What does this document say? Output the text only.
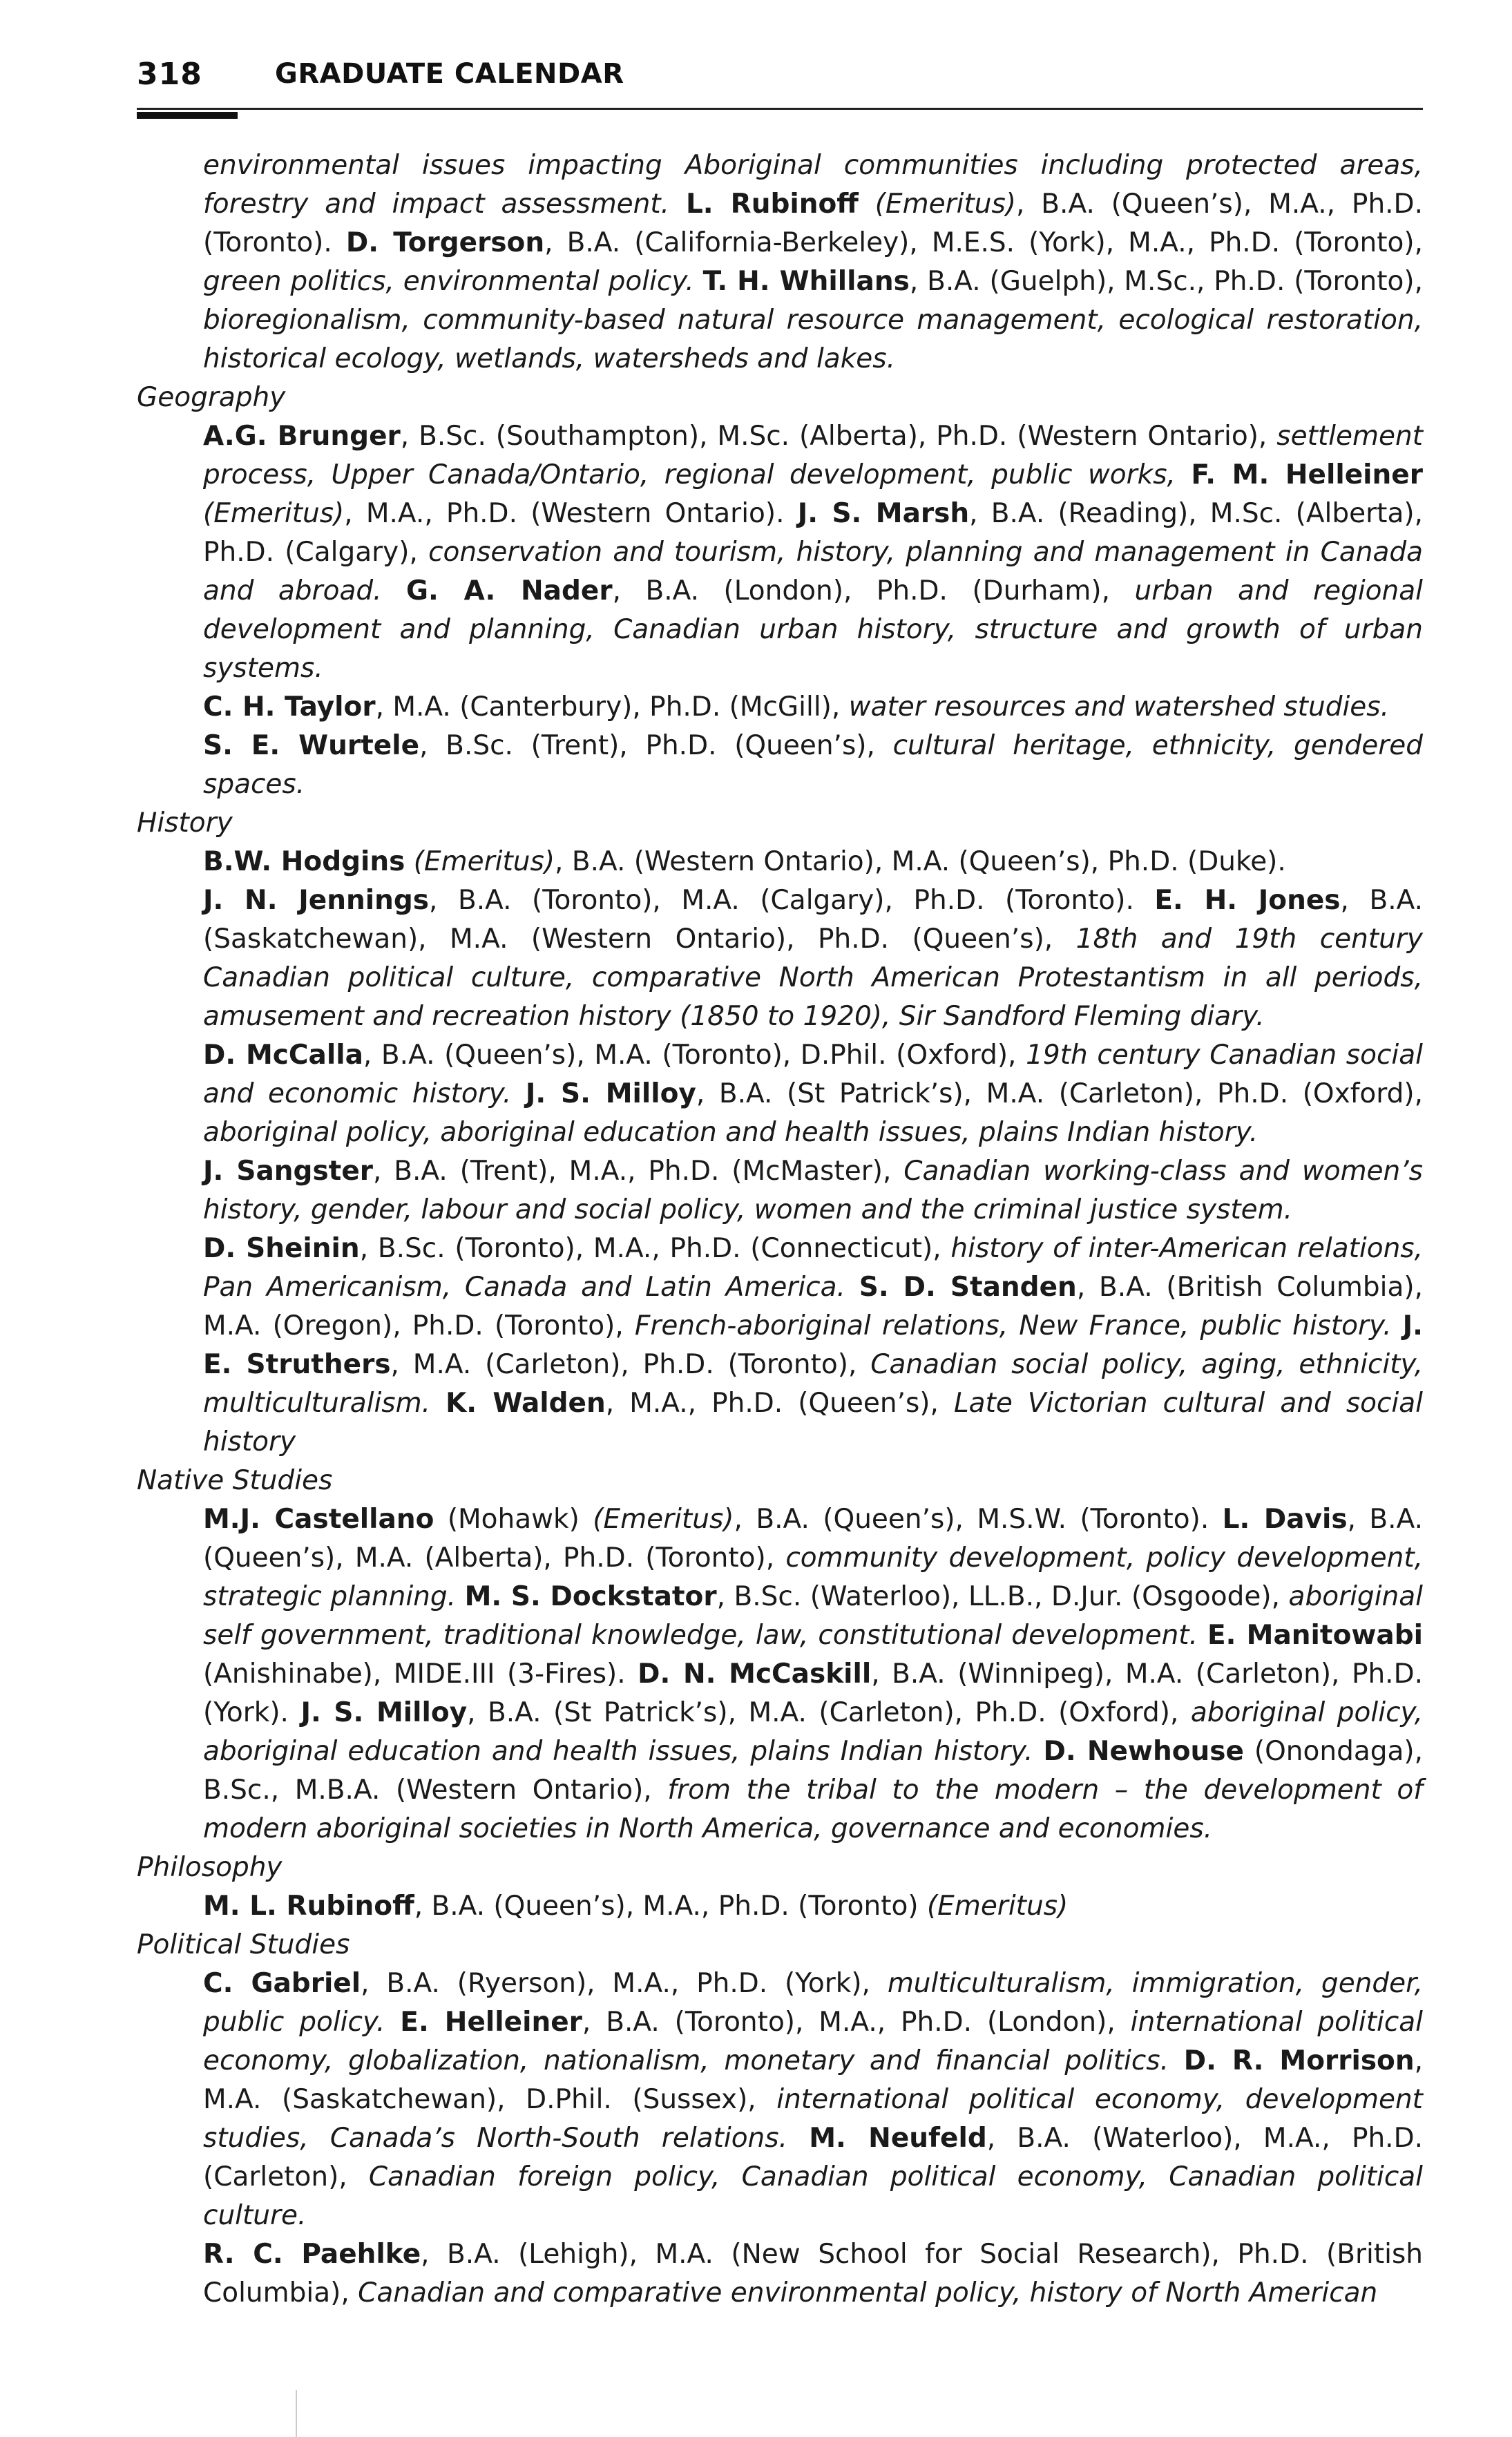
318	GRADUATE CALENDAR
environmental issues impacting Aboriginal communities including protected areas, forestry and impact assessment. L. Rubinoff (Emeritus), B.A. (Queen’s), M.A., Ph.D. (Toronto). D. Torgerson, B.A. (California-Berkeley), M.E.S. (York), M.A., Ph.D. (Toronto), green politics, environmental policy. T. H. Whillans, B.A. (Guelph), M.Sc., Ph.D. (Toronto), bioregionalism, community-based natural resource management, ecological restoration, historical ecology, wetlands, watersheds and lakes.
Geography
A.G. Brunger, B.Sc. (Southampton), M.Sc. (Alberta), Ph.D. (Western Ontario), settlement process, Upper Canada/Ontario, regional development, public works, F. M. Helleiner (Emeritus), M.A., Ph.D. (Western Ontario). J. S. Marsh, B.A. (Reading), M.Sc. (Alberta), Ph.D. (Calgary), conservation and tourism, history, planning and management in Canada and abroad. G. A. Nader, B.A. (London), Ph.D. (Durham), urban and regional development and planning, Canadian urban history, structure and growth of urban systems.
C. H. Taylor, M.A. (Canterbury), Ph.D. (McGill), water resources and watershed studies.
S. E. Wurtele, B.Sc. (Trent), Ph.D. (Queen’s), cultural heritage, ethnicity, gendered spaces.
History
B.W. Hodgins (Emeritus), B.A. (Western Ontario), M.A. (Queen’s), Ph.D. (Duke).
J. N. Jennings, B.A. (Toronto), M.A. (Calgary), Ph.D. (Toronto). E. H. Jones, B.A. (Saskatchewan), M.A. (Western Ontario), Ph.D. (Queen’s), 18th and 19th century Canadian political culture, comparative North American Protestantism in all periods, amusement and recreation history (1850 to 1920), Sir Sandford Fleming diary.
D. McCalla, B.A. (Queen’s), M.A. (Toronto), D.Phil. (Oxford), 19th century Canadian social and economic history. J. S. Milloy, B.A. (St Patrick’s), M.A. (Carleton), Ph.D. (Oxford), aboriginal policy, aboriginal education and health issues, plains Indian history.
J. Sangster, B.A. (Trent), M.A., Ph.D. (McMaster), Canadian working-class and women’s history, gender, labour and social policy, women and the criminal justice system.
D. Sheinin, B.Sc. (Toronto), M.A., Ph.D. (Connecticut), history of inter-American relations, Pan Americanism, Canada and Latin America. S. D. Standen, B.A. (British Columbia), M.A. (Oregon), Ph.D. (Toronto), French-aboriginal relations, New France, public history. J. E. Struthers, M.A. (Carleton), Ph.D. (Toronto), Canadian social policy, aging, ethnicity, multiculturalism. K. Walden, M.A., Ph.D. (Queen’s), Late Victorian cultural and social history
Native Studies
M.J. Castellano (Mohawk) (Emeritus), B.A. (Queen’s), M.S.W. (Toronto). L. Davis, B.A. (Queen’s), M.A. (Alberta), Ph.D. (Toronto), community development, policy development, strategic planning. M. S. Dockstator, B.Sc. (Waterloo), LL.B., D.Jur. (Osgoode), aboriginal self government, traditional knowledge, law, constitutional development. E. Manitowabi (Anishinabe), MIDE.III (3-Fires). D. N. McCaskill, B.A. (Winnipeg), M.A. (Carleton), Ph.D. (York). J. S. Milloy, B.A. (St Patrick’s), M.A. (Carleton), Ph.D. (Oxford), aboriginal policy, aboriginal education and health issues, plains Indian history. D. Newhouse (Onondaga), B.Sc., M.B.A. (Western Ontario), from the tribal to the modern – the development of modern aboriginal societies in North America, governance and economies.
Philosophy
M. L. Rubinoff, B.A. (Queen’s), M.A., Ph.D. (Toronto) (Emeritus)
Political Studies
C. Gabriel, B.A. (Ryerson), M.A., Ph.D. (York), multiculturalism, immigration, gender, public policy. E. Helleiner, B.A. (Toronto), M.A., Ph.D. (London), international political economy, globalization, nationalism, monetary and financial politics. D. R. Morrison, M.A. (Saskatchewan), D.Phil. (Sussex), international political economy, development studies, Canada’s North-South relations. M. Neufeld, B.A. (Waterloo), M.A., Ph.D. (Carleton), Canadian foreign policy, Canadian political economy, Canadian political culture.
R. C. Paehlke, B.A. (Lehigh), M.A. (New School for Social Research), Ph.D. (British Columbia), Canadian and comparative environmental policy, history of North American
